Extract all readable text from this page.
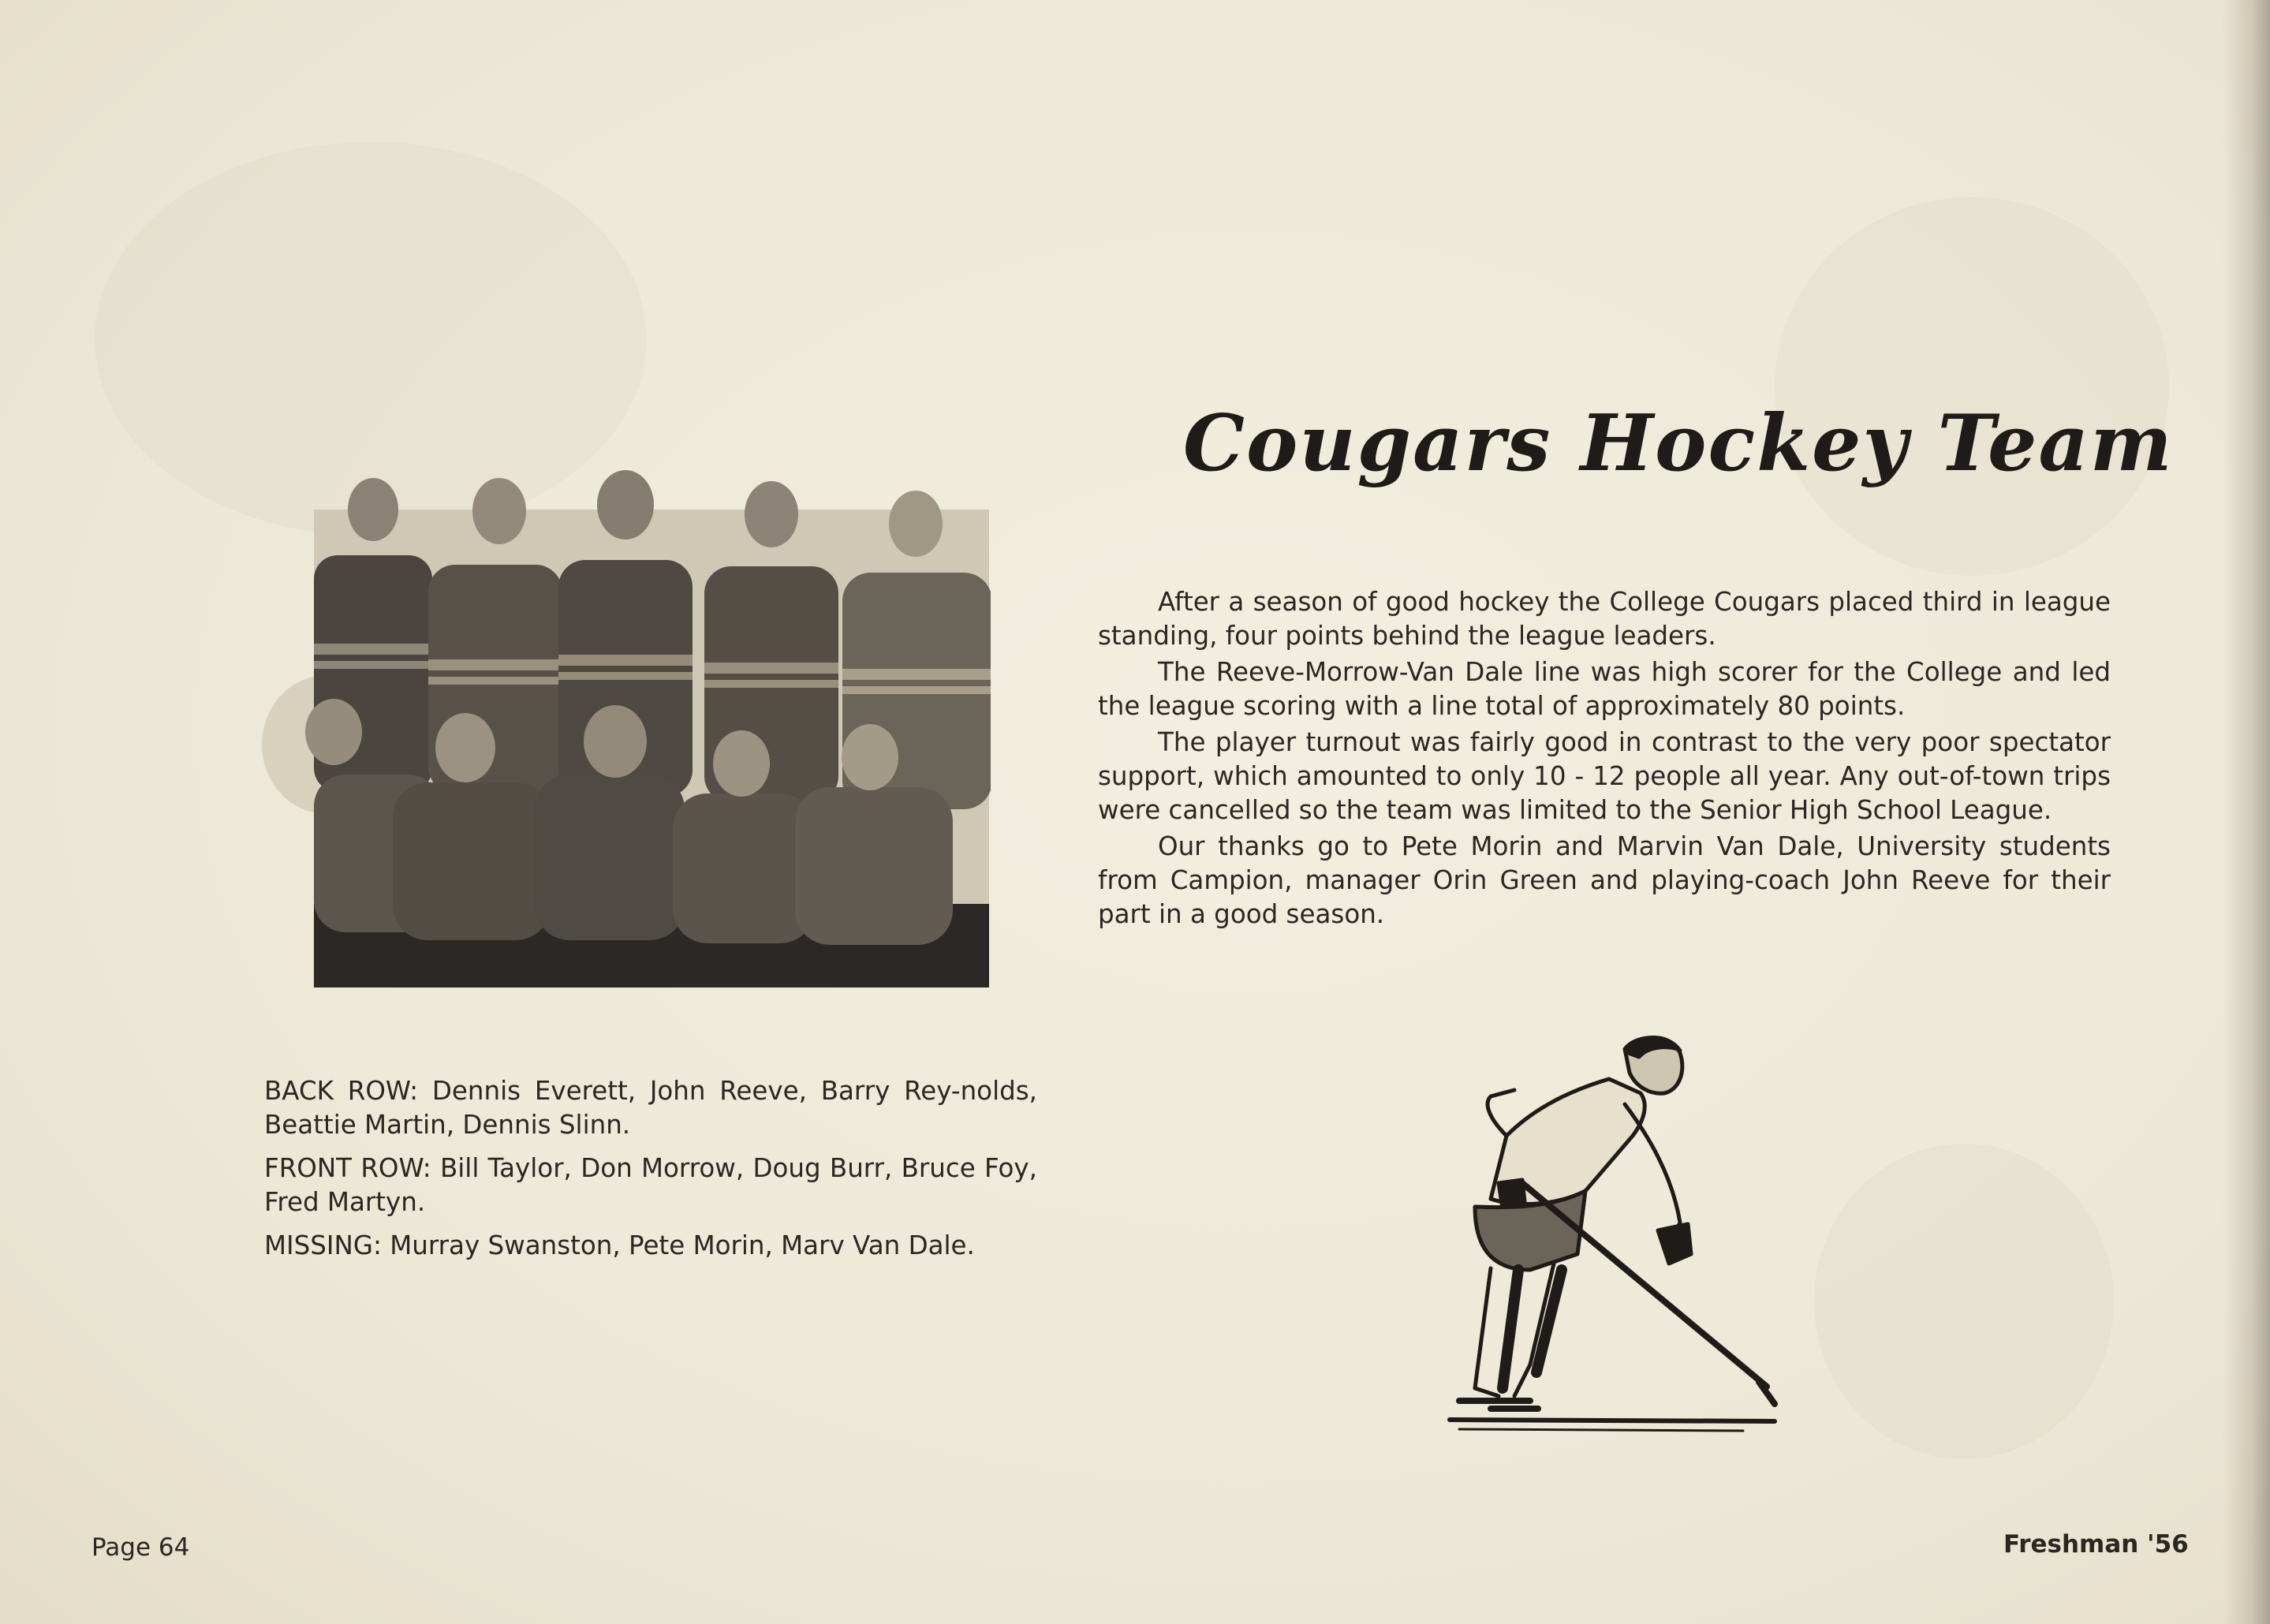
Cougars Hockey Team

After a season of good hockey the College Cougars placed third in league standing, four points behind the league leaders.

The Reeve-Morrow-Van Dale line was high scorer for the College and led the league scoring with a line total of approximately 80 points.

The player turnout was fairly good in contrast to the very poor spectator support, which amounted to only 10 - 12 people all year. Any out-of-town trips were cancelled so the team was limited to the Senior High School League.

Our thanks go to Pete Morin and Marvin Van Dale, University students from Campion, manager Orin Green and playing-coach John Reeve for their part in a good season.

BACK ROW: Dennis Everett, John Reeve, Barry Rey-nolds, Beattie Martin, Dennis Slinn.

FRONT ROW: Bill Taylor, Don Morrow, Doug Burr, Bruce Foy, Fred Martyn.

MISSING: Murray Swanston, Pete Morin, Marv Van Dale.

Page 64	Freshman '56
